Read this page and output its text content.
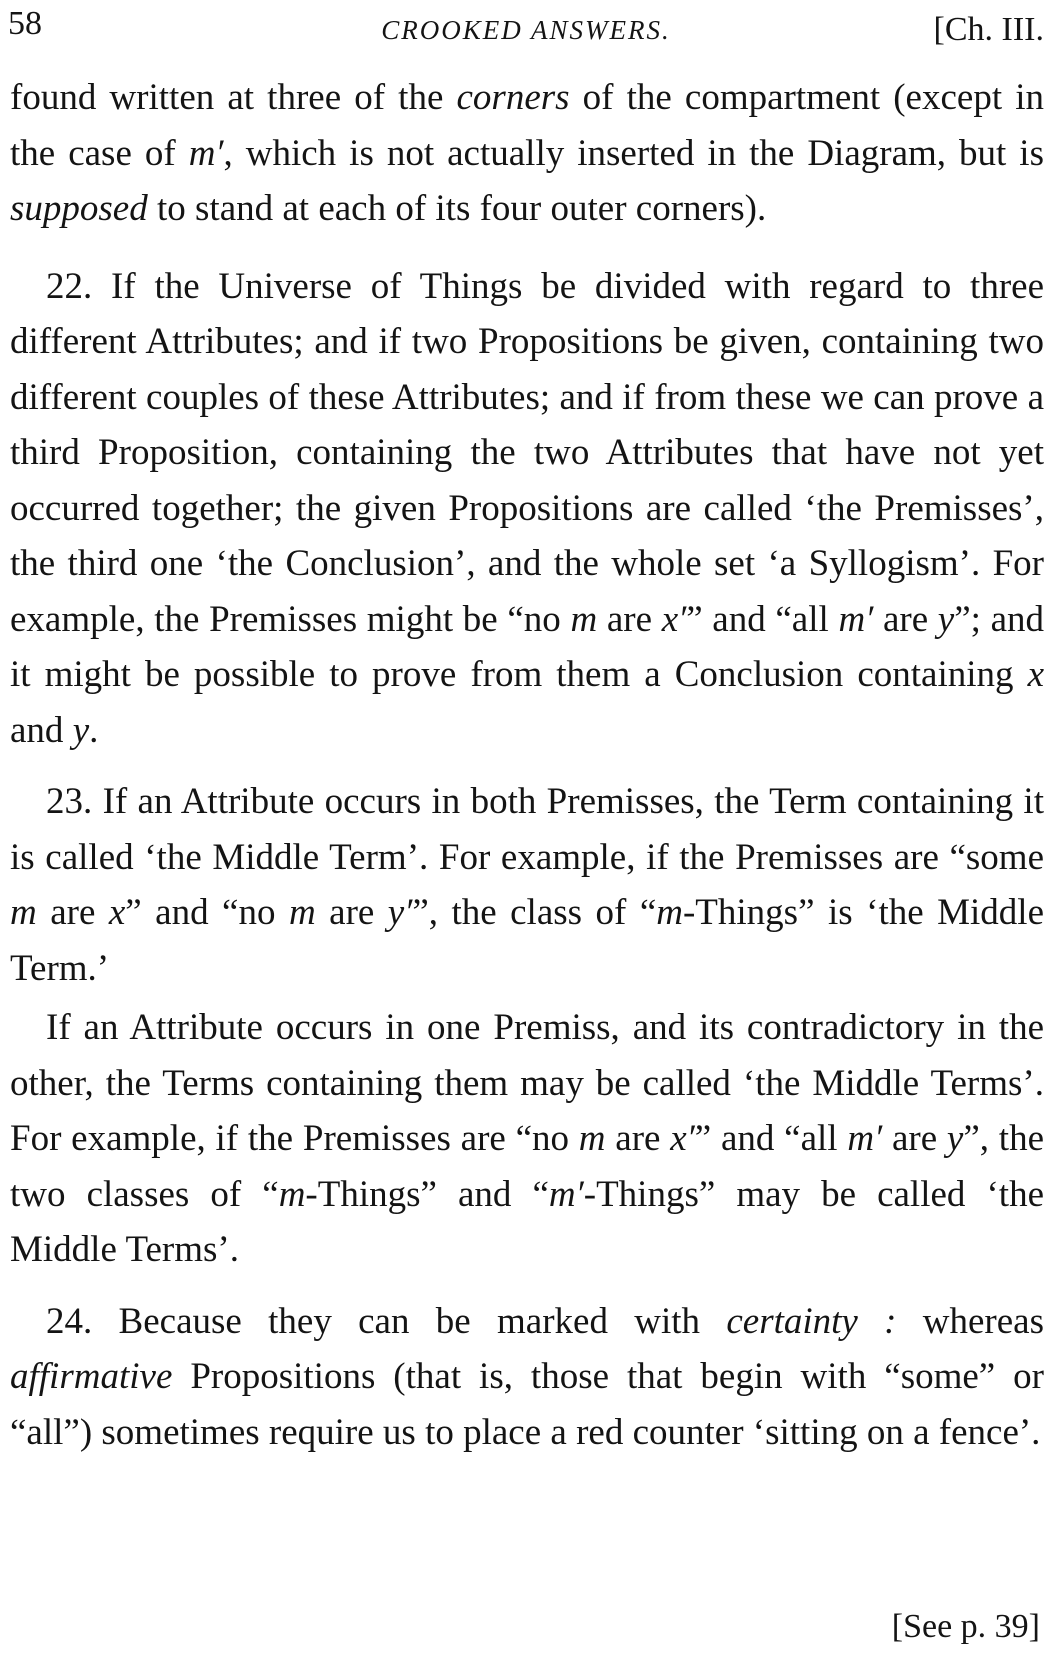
58	CROOKED ANSWERS.	[Ch. III.

found written at three of the corners of the compartment (except in the case of m′, which is not actually inserted in the Diagram, but is supposed to stand at each of its four outer corners).

22. If the Universe of Things be divided with regard to three different Attributes; and if two Propositions be given, containing two different couples of these Attributes; and if from these we can prove a third Proposition, containing the two Attributes that have not yet occurred together; the given Propositions are called ‘the Premisses’, the third one ‘the Conclusion’, and the whole set ‘a Syllogism’. For example, the Premisses might be “no m are x′” and “all m′ are y”; and it might be possible to prove from them a Conclusion containing x and y.

23. If an Attribute occurs in both Premisses, the Term containing it is called ‘the Middle Term’. For example, if the Premisses are “some m are x” and “no m are y′”, the class of “m-Things” is ‘the Middle Term.’

If an Attribute occurs in one Premiss, and its contradictory in the other, the Terms containing them may be called ‘the Middle Terms’. For example, if the Premisses are “no m are x′” and “all m′ are y”, the two classes of “m-Things” and “m′-Things” may be called ‘the Middle Terms’.

24. Because they can be marked with certainty : whereas affirmative Propositions (that is, those that begin with “some” or “all”) sometimes require us to place a red counter ‘sitting on a fence’.

[See p. 39]
